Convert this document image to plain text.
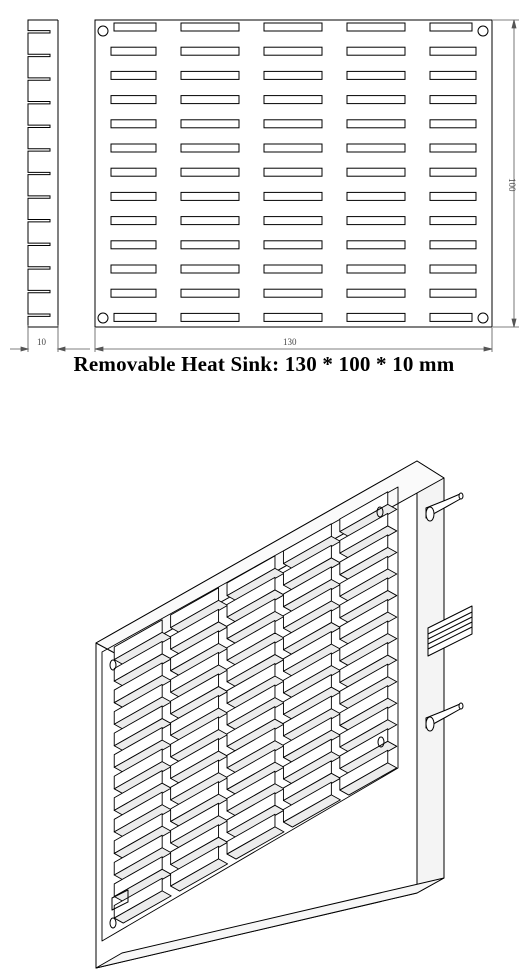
10	130
100
Removable Heat Sink: 130 * 100 * 10 mm
